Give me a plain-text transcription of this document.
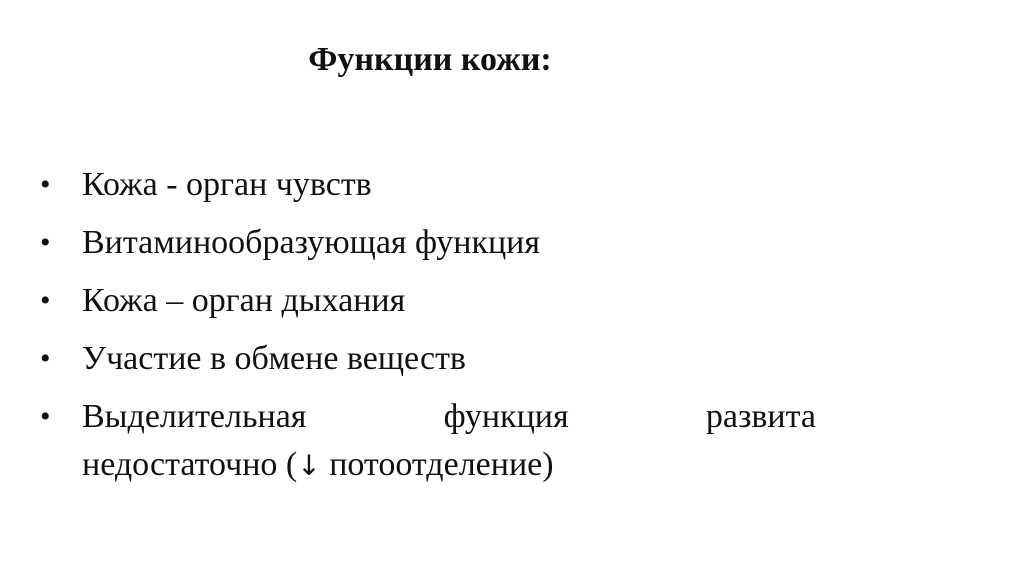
Функции кожи:
• Кожа - орган чувств
• Витаминообразующая функция
• Кожа – орган дыхания
• Участие в обмене веществ
• Выделительная	функция	развита
недостаточно (↓ потоотделение)
